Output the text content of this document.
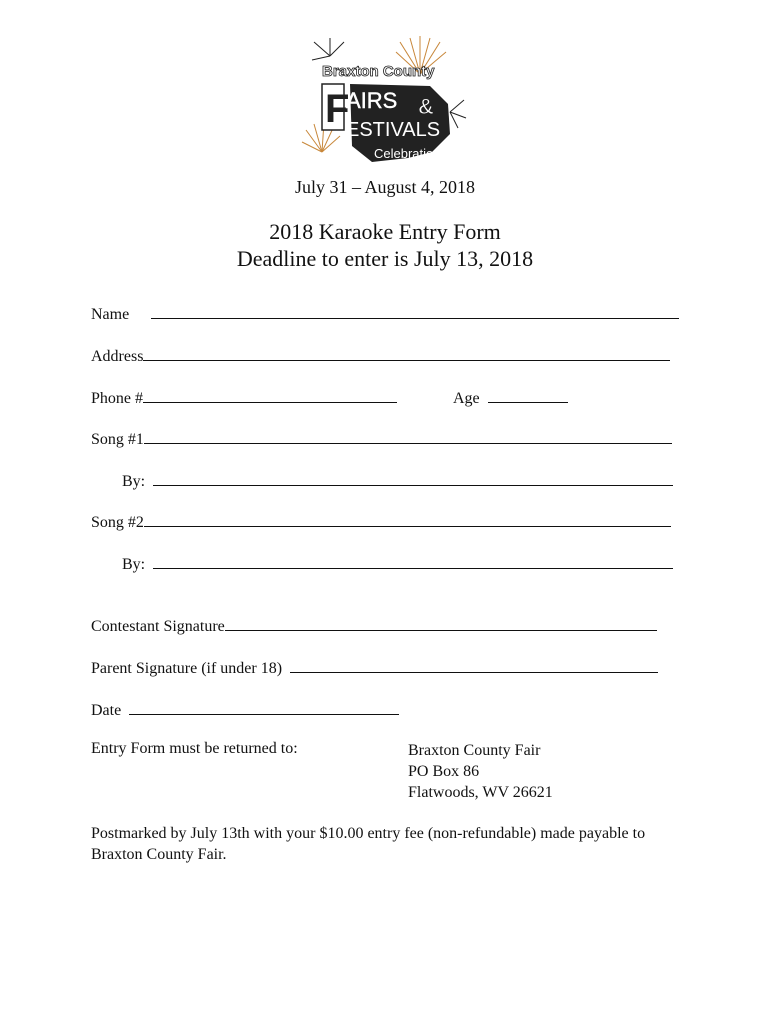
Braxton County
F
AIRS &
ESTIVALS
Celebration
July 31 – August 4, 2018
2018 Karaoke Entry Form
Deadline to enter is July 13, 2018
Name
Address
Phone #	Age
Song #1
By:
Song #2
By:
Contestant Signature
Parent Signature (if under 18)
Date
Entry Form must be returned to:	Braxton County Fair
PO Box 86
Flatwoods, WV 26621
Postmarked by July 13th with your $10.00 entry fee (non-refundable) made payable to Braxton County Fair.
